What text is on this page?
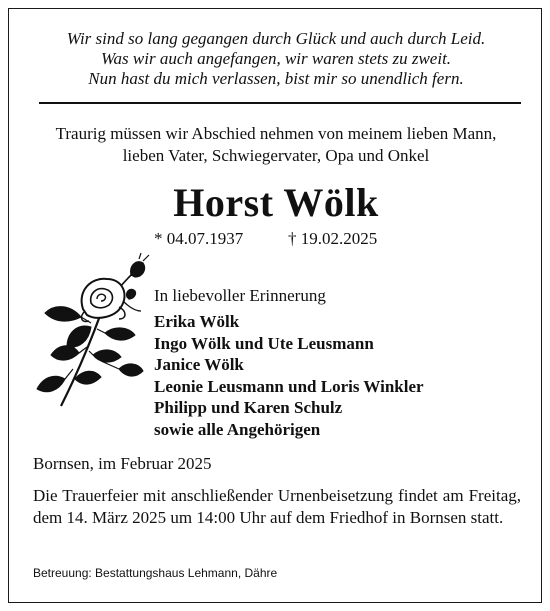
Wir sind so lang gegangen durch Glück und auch durch Leid.
Was wir auch angefangen, wir waren stets zu zweit.
Nun hast du mich verlassen, bist mir so unendlich fern.
Traurig müssen wir Abschied nehmen von meinem lieben Mann,
lieben Vater, Schwiegervater, Opa und Onkel
Horst Wölk
* 04.07.1937	† 19.02.2025
In liebevoller Erinnerung
Erika Wölk
Ingo Wölk und Ute Leusmann
Janice Wölk
Leonie Leusmann und Loris Winkler
Philipp und Karen Schulz
sowie alle Angehörigen
Bornsen, im Februar 2025
Die Trauerfeier mit anschließender Urnenbeisetzung findet am Freitag, dem 14. März 2025 um 14:00 Uhr auf dem Friedhof in Bornsen statt.
Betreuung: Bestattungshaus Lehmann, Dähre
